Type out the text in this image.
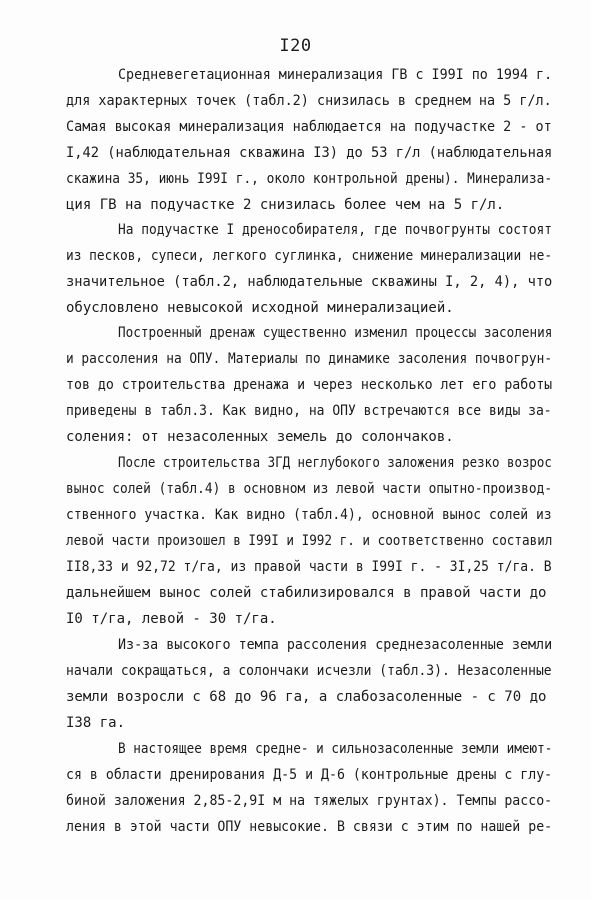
I20
Средневегетационная минерализация ГВ с I99I по 1994 г.
для характерных точек (табл.2) снизилась в среднем на 5 г/л.
Самая высокая минерализация наблюдается на подучастке 2 - от
I,42 (наблюдательная скважина I3) до 53 г/л (наблюдательная
скажина 35, июнь I99I г., около контрольной дрены). Минерализа-
ция ГВ на подучастке 2 снизилась более чем на 5 г/л.
На подучастке I дренособирателя, где почвогрунты состоят
из песков, супеси, легкого суглинка, снижение минерализации не-
значительное (табл.2, наблюдательные скважины I, 2, 4), что
обусловлено невысокой исходной минерализацией.
Построенный дренаж существенно изменил процессы засоления
и рассоления на ОПУ. Материалы по динамике засоления почвогрун-
тов до строительства дренажа и через несколько лет его работы
приведены в табл.3. Как видно, на ОПУ встречаются все виды за-
соления: от незасоленных земель до солончаков.
После строительства ЗГД неглубокого заложения резко возрос
вынос солей (табл.4) в основном из левой части опытно-производ-
ственного участка. Как видно (табл.4), основной вынос солей из
левой части произошел в I99I и I992 г. и соответственно составил
II8,33 и 92,72 т/га, из правой части в I99I г. - 3I,25 т/га. В
дальнейшем вынос солей стабилизировался в правой части до
I0 т/га, левой - 30 т/га.
Из-за высокого темпа рассоления среднезасоленные земли
начали сокращаться, а солончаки исчезли (табл.3). Незасоленные
земли возросли с 68 до 96 га, а слабозасоленные - с 70 до
I38 га.
В настоящее время средне- и сильнозасоленные земли имеют-
ся в области дренирования Д-5 и Д-6 (контрольные дрены с глу-
биной заложения 2,85-2,9I м на тяжелых грунтах). Темпы рассо-
ления в этой части ОПУ невысокие. В связи с этим по нашей ре-
